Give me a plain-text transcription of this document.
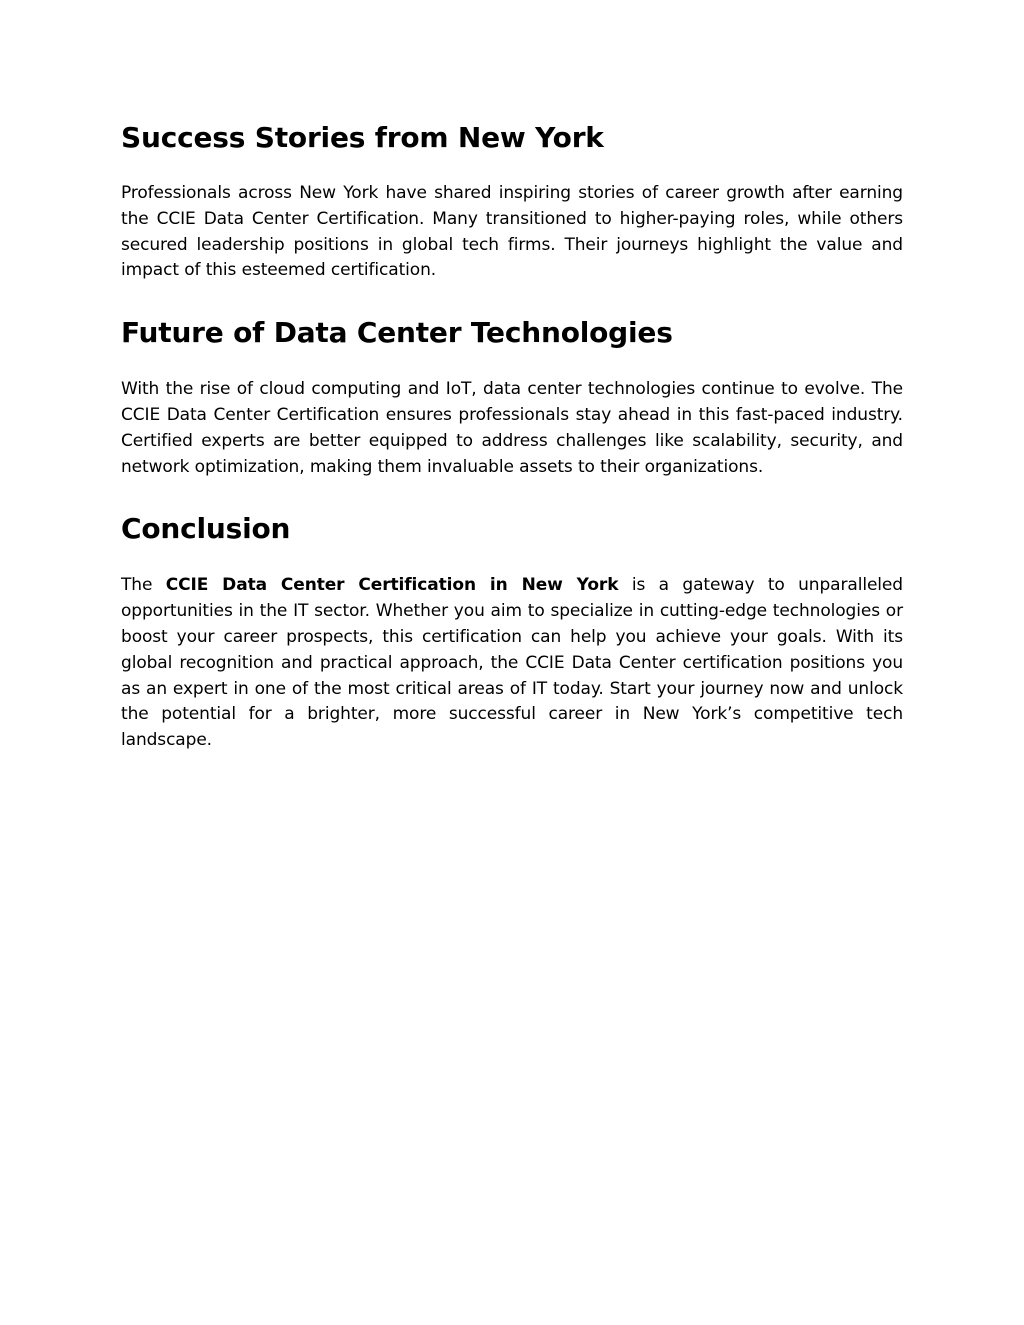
Success Stories from New York

Professionals across New York have shared inspiring stories of career growth after earning the CCIE Data Center Certification. Many transitioned to higher-paying roles, while others secured leadership positions in global tech firms. Their journeys highlight the value and impact of this esteemed certification.

Future of Data Center Technologies

With the rise of cloud computing and IoT, data center technologies continue to evolve. The CCIE Data Center Certification ensures professionals stay ahead in this fast-paced industry. Certified experts are better equipped to address challenges like scalability, security, and network optimization, making them invaluable assets to their organizations.

Conclusion

The CCIE Data Center Certification in New York is a gateway to unparalleled opportunities in the IT sector. Whether you aim to specialize in cutting-edge technologies or boost your career prospects, this certification can help you achieve your goals. With its global recognition and practical approach, the CCIE Data Center certification positions you as an expert in one of the most critical areas of IT today. Start your journey now and unlock the potential for a brighter, more successful career in New York’s competitive tech landscape.
